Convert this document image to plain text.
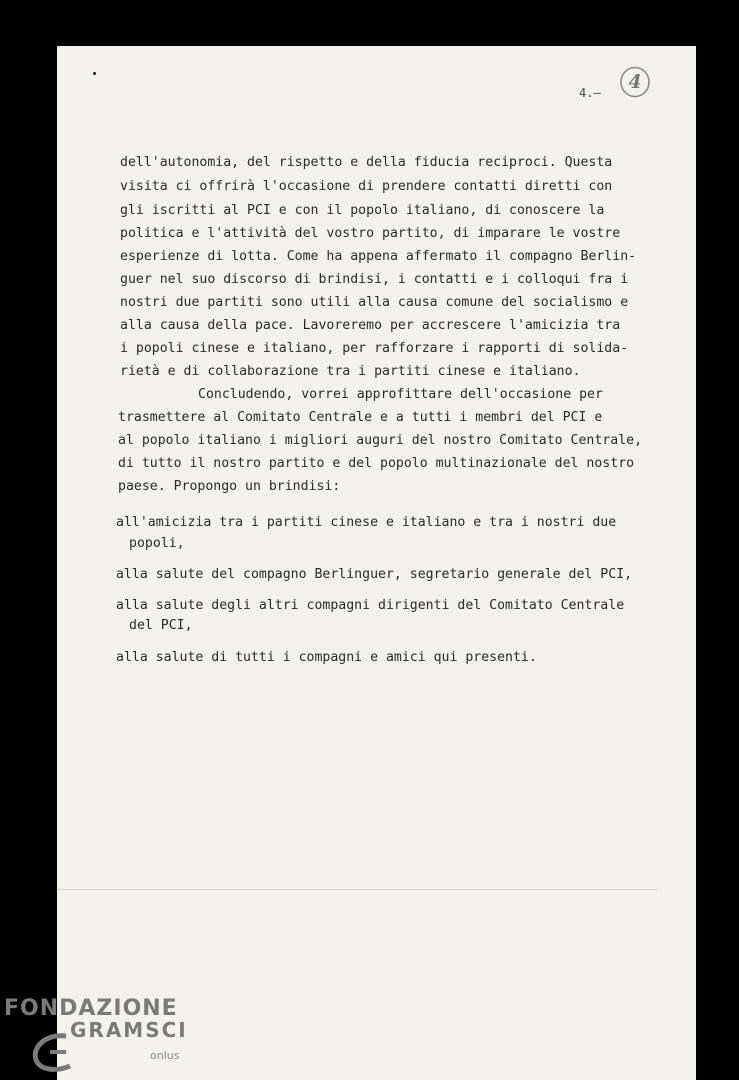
4.– 4
dell'autonomia, del rispetto e della fiducia reciproci. Questa
visita ci offrirà l'occasione di prendere contatti diretti con
gli iscritti al PCI e con il popolo italiano, di conoscere la
politica e l'attività del vostro partito, di imparare le vostre
esperienze di lotta. Come ha appena affermato il compagno Berlin-
guer nel suo discorso di brindisi, i contatti e i colloqui fra i
nostri due partiti sono utili alla causa comune del socialismo e
alla causa della pace. Lavoreremo per accrescere l'amicizia tra
i popoli cinese e italiano, per rafforzare i rapporti di solida-
rietà e di collaborazione tra i partiti cinese e italiano.
Concludendo, vorrei approfittare dell'occasione per
trasmettere al Comitato Centrale e a tutti i membri del PCI e
al popolo italiano i migliori auguri del nostro Comitato Centrale,
di tutto il nostro partito e del popolo multinazionale del nostro
paese. Propongo un brindisi:
all'amicizia tra i partiti cinese e italiano e tra i nostri due
popoli,
alla salute del compagno Berlinguer, segretario generale del PCI,
alla salute degli altri compagni dirigenti del Comitato Centrale
del PCI,
alla salute di tutti i compagni e amici qui presenti.
FONDAZIONE
GRAMSCI
onlus
